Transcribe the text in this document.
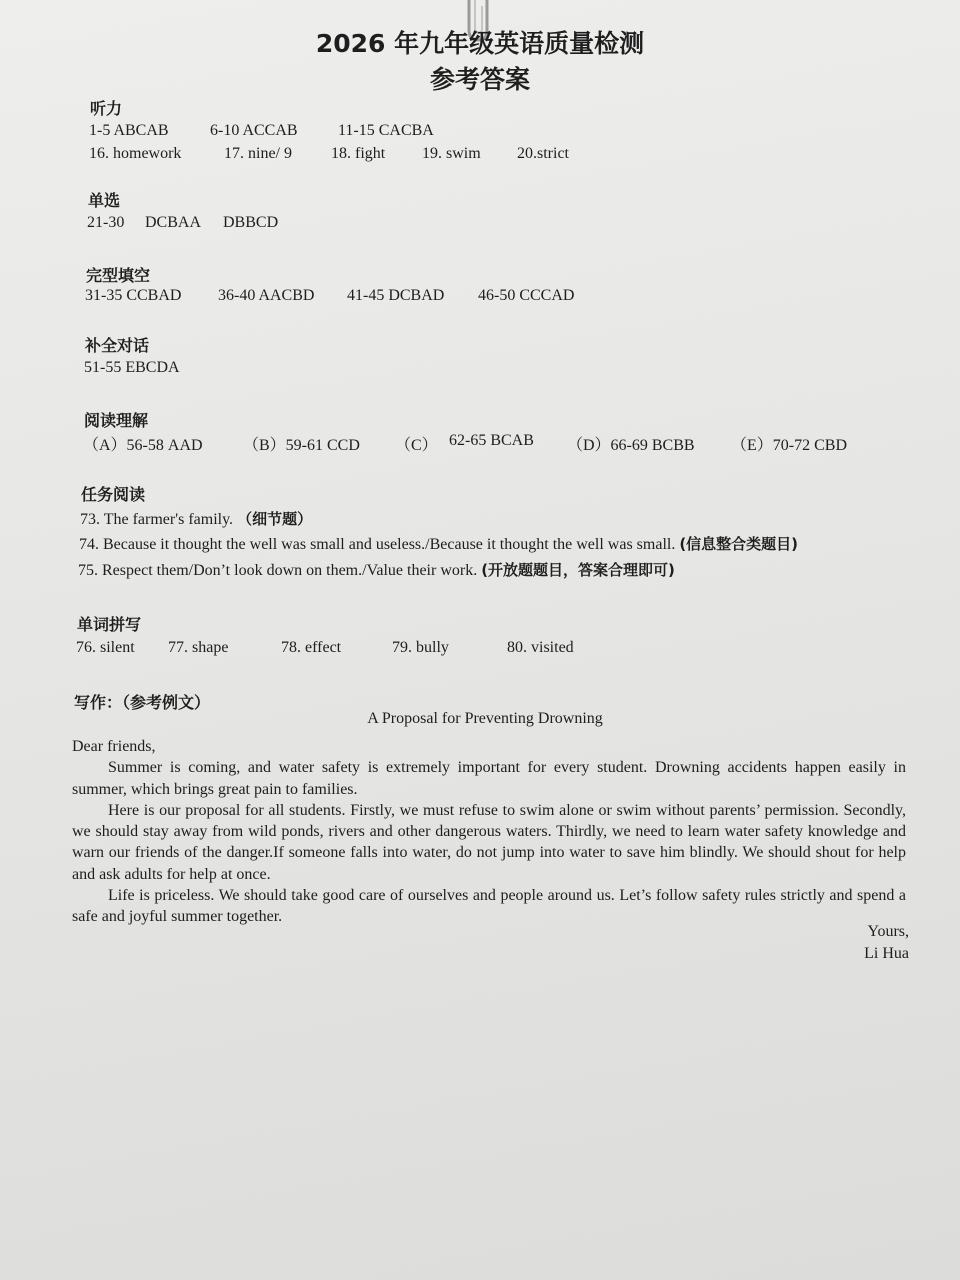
2026 年九年级英语质量检测
参考答案
听力
1-5 ABCAB	6-10 ACCAB	11-15 CACBA
16. homework	17. nine/ 9 18. fight 19. swim 20.strict
单选
21-30 DCBAA DBBCD
完型填空
31-35 CCBAD 36-40 AACBD 41-45 DCBAD 46-50 CCCAD
补全对话
51-55 EBCDA
阅读理解
（A）56-58 AAD	（B）59-61 CCD （C） 62-65 BCAB （D）66-69 BCBB （E）70-72 CBD
任务阅读
73. The farmer's family. （细节题）
74. Because it thought the well was small and useless./Because it thought the well was small. (信息整合类题目)
75. Respect them/Don’t look down on them./Value their work. (开放题题目，答案合理即可)
单词拼写
76. silent 77. shape	78. effect	79. bully	80. visited
写作：（参考例文）
A Proposal for Preventing Drowning

Dear friends,

Summer is coming, and water safety is extremely important for every student. Drowning accidents happen easily in summer, which brings great pain to families.

Here is our proposal for all students. Firstly, we must refuse to swim alone or swim without parents’ permission. Secondly, we should stay away from wild ponds, rivers and other dangerous waters. Thirdly, we need to learn water safety knowledge and warn our friends of the danger.If someone falls into water, do not jump into water to save him blindly. We should shout for help and ask adults for help at once.

Life is priceless. We should take good care of ourselves and people around us. Let’s follow safety rules strictly and spend a safe and joyful summer together.

Yours,
Li Hua
